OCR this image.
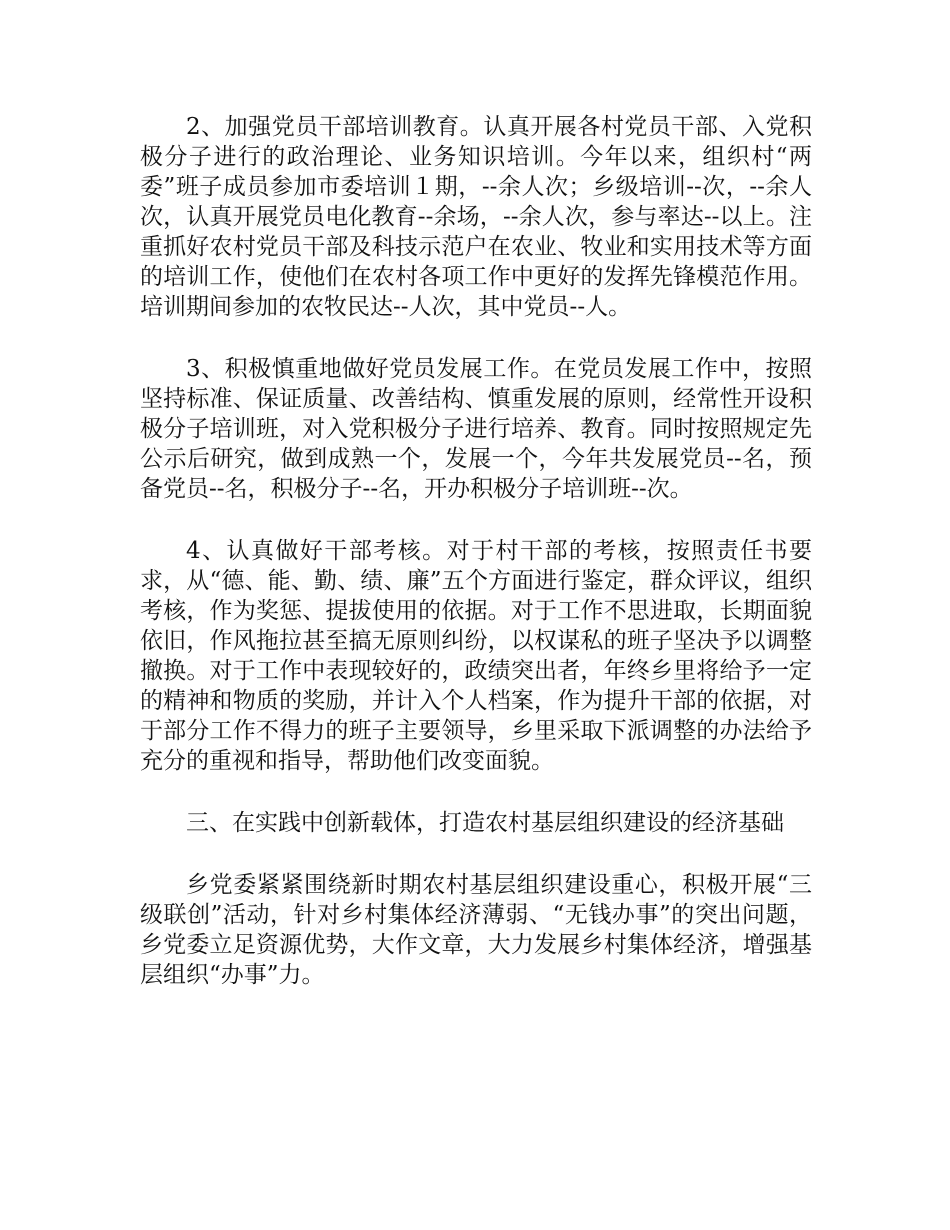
2、加强党员干部培训教育。认真开展各村党员干部、入党积极分子进行的政治理论、业务知识培训。今年以来，组织村“两委”班子成员参加市委培训１期，--余人次；乡级培训--次，--余人次，认真开展党员电化教育--余场，--余人次，参与率达--以上。注重抓好农村党员干部及科技示范户在农业、牧业和实用技术等方面的培训工作，使他们在农村各项工作中更好的发挥先锋模范作用。培训期间参加的农牧民达--人次，其中党员--人。

3、积极慎重地做好党员发展工作。在党员发展工作中，按照坚持标准、保证质量、改善结构、慎重发展的原则，经常性开设积极分子培训班，对入党积极分子进行培养、教育。同时按照规定先公示后研究，做到成熟一个，发展一个，今年共发展党员--名，预备党员--名，积极分子--名，开办积极分子培训班--次。

4、认真做好干部考核。对于村干部的考核，按照责任书要求，从“德、能、勤、绩、廉”五个方面进行鉴定，群众评议，组织考核，作为奖惩、提拔使用的依据。对于工作不思进取，长期面貌依旧，作风拖拉甚至搞无原则纠纷，以权谋私的班子坚决予以调整撤换。对于工作中表现较好的，政绩突出者，年终乡里将给予一定的精神和物质的奖励，并计入个人档案，作为提升干部的依据，对于部分工作不得力的班子主要领导，乡里采取下派调整的办法给予充分的重视和指导，帮助他们改变面貌。

三、在实践中创新载体，打造农村基层组织建设的经济基础

乡党委紧紧围绕新时期农村基层组织建设重心，积极开展“三级联创”活动，针对乡村集体经济薄弱、“无钱办事”的突出问题，乡党委立足资源优势，大作文章，大力发展乡村集体经济，增强基层组织“办事”力。
